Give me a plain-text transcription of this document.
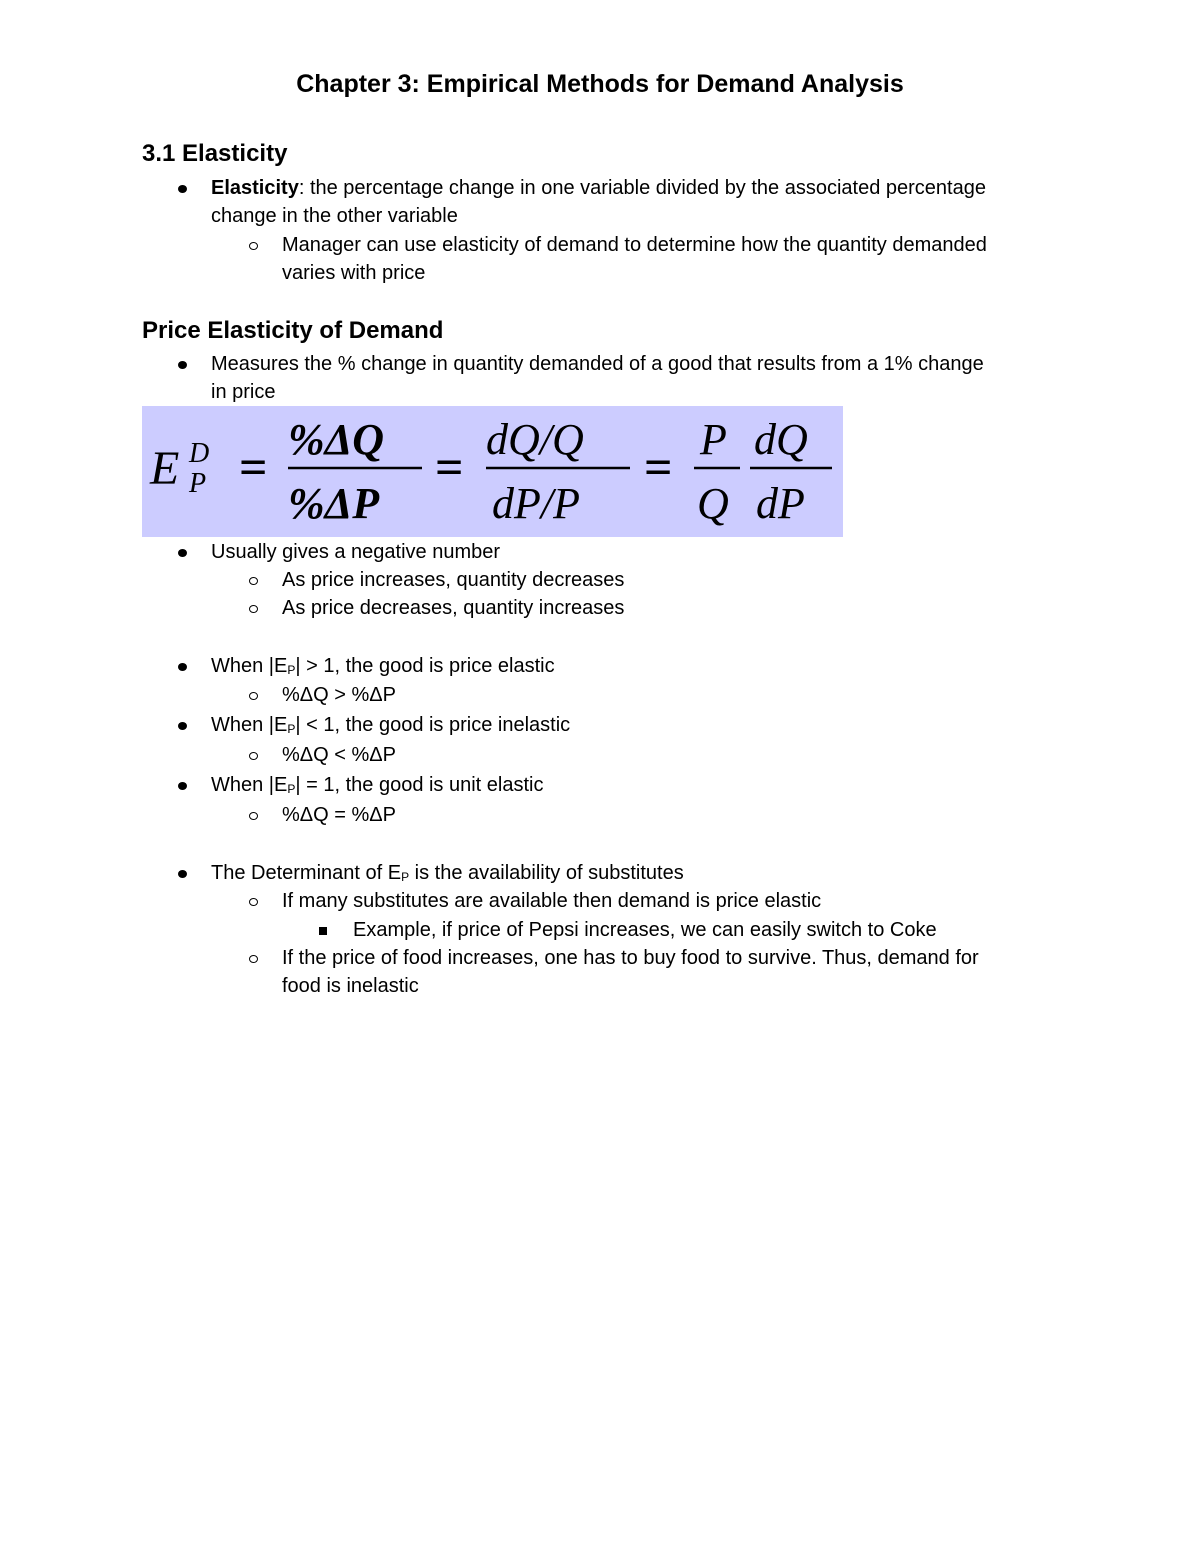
Chapter 3: Empirical Methods for Demand Analysis
3.1 Elasticity
Elasticity: the percentage change in one variable divided by the associated percentage
change in the other variable
Manager can use elasticity of demand to determine how the quantity demanded
varies with price
Price Elasticity of Demand
Measures the % change in quantity demanded of a good that results from a 1% change
in price
E D
P = %ΔQ
%ΔP
= dQ/Q
dP/P
= P
Q
dQ
dP
Usually gives a negative number
As price increases, quantity decreases
As price decreases, quantity increases
When |EP| > 1, the good is price elastic
%ΔQ > %ΔP
When |EP| < 1, the good is price inelastic
%ΔQ < %ΔP
When |EP| = 1, the good is unit elastic
%ΔQ = %ΔP
The Determinant of EP is the availability of substitutes
If many substitutes are available then demand is price elastic
Example, if price of Pepsi increases, we can easily switch to Coke
If the price of food increases, one has to buy food to survive. Thus, demand for
food is inelastic
